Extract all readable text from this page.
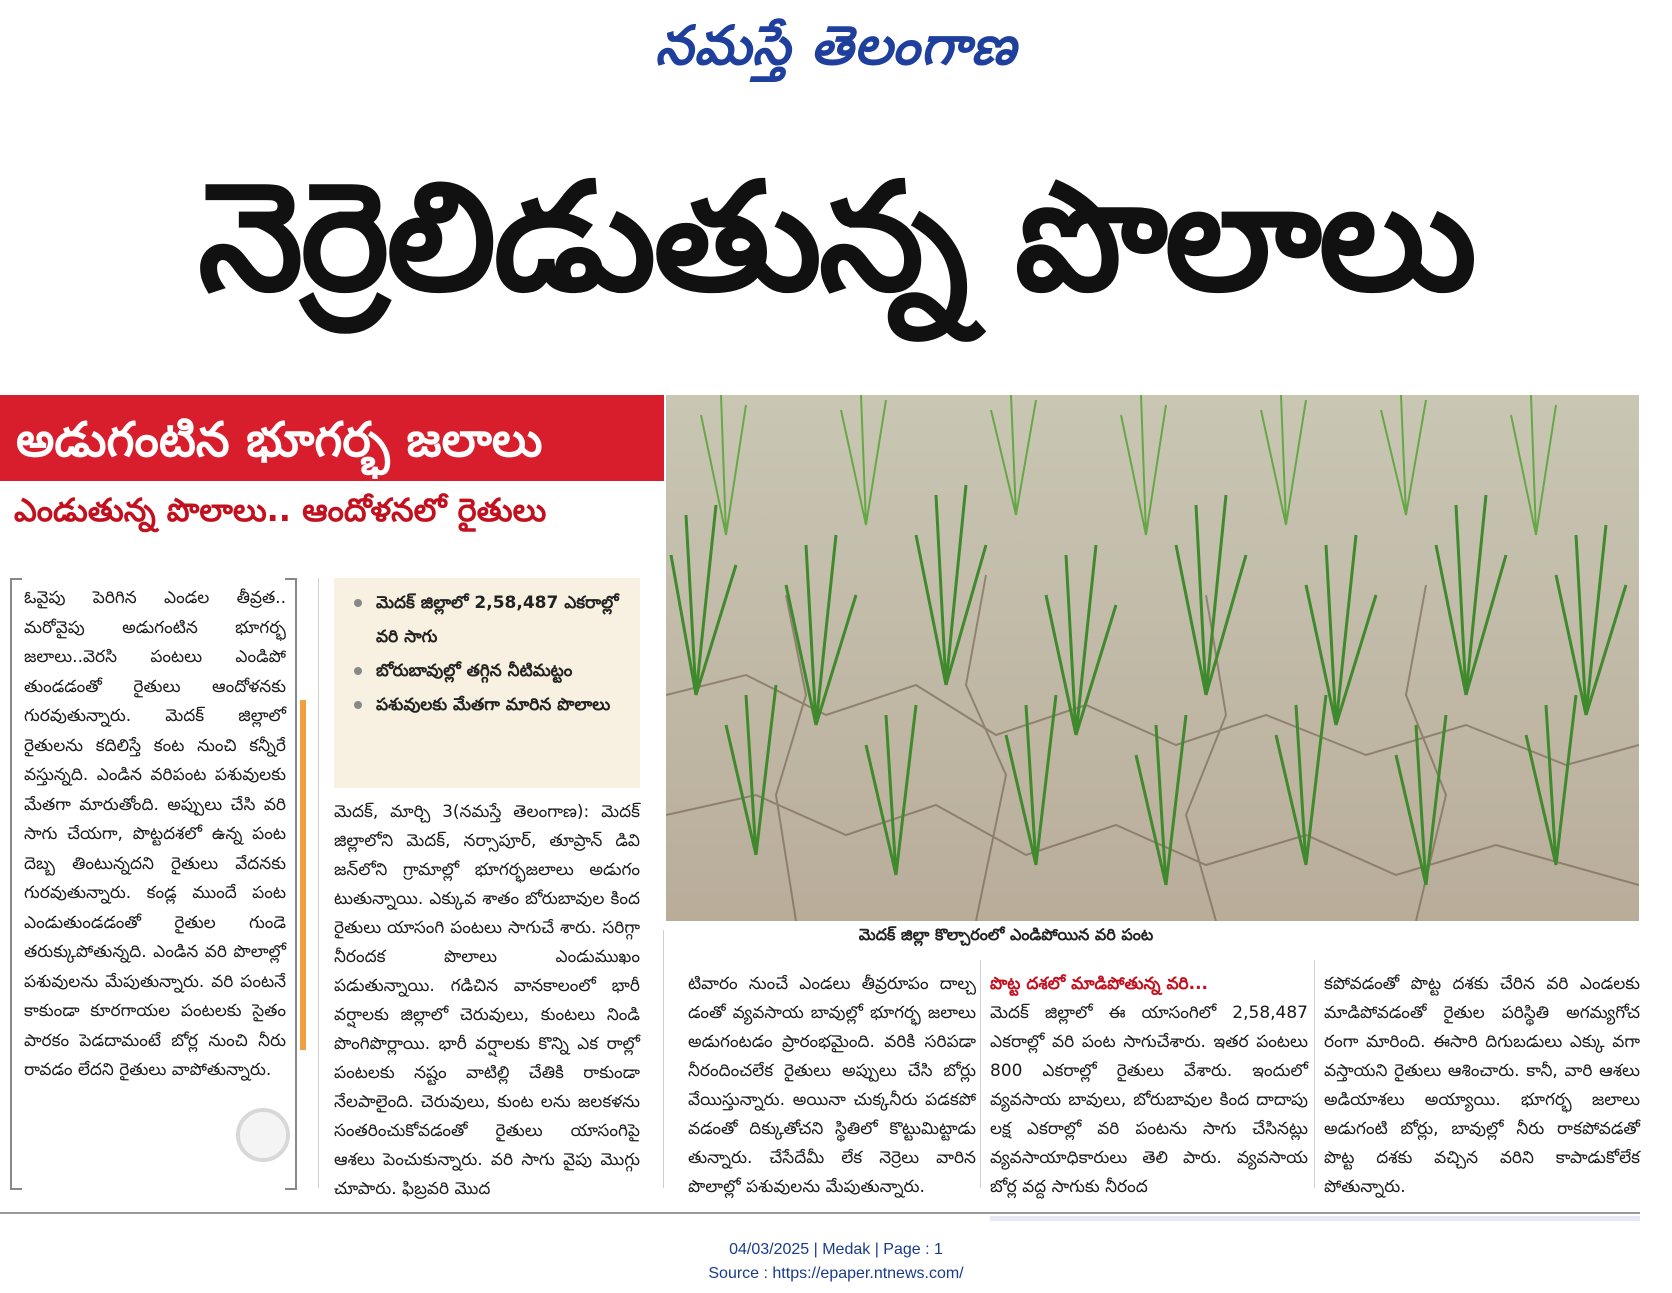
నమస్తే తెలంగాణ
నెర్రెలిడుతున్న పొలాలు
అడుగంటిన భూగర్భ జలాలు
ఎండుతున్న పొలాలు.. ఆందోళనలో రైతులు
మెదక్ జిల్లా కొల్చారంలో ఎండిపోయిన వరి పంట
ఓవైపు పెరిగిన ఎండల తీవ్రత.. మరోవైపు అడుగంటిన భూగర్భ జలాలు..వెరసి పంటలు ఎండిపో తుండడంతో రైతులు ఆందోళనకు గురవుతున్నారు. మెదక్ జిల్లాలో రైతులను కదిలిస్తే కంట నుంచి కన్నీరే వస్తున్నది. ఎండిన వరిపంట పశువులకు మేతగా మారుతోంది. అప్పులు చేసి వరి సాగు చేయగా, పొట్టదశలో ఉన్న పంట దెబ్బ తింటున్నదని రైతులు వేదనకు గురవుతున్నారు. కండ్ల ముందే పంట ఎండుతుండడంతో రైతుల గుండె తరుక్కుపోతున్నది. ఎండిన వరి పొలాల్లో పశువులను మేపుతున్నారు. వరి పంటనే కాకుండా కూరగాయల పంటలకు సైతం పారకం పెడదామంటే బోర్ల నుంచి నీరు రావడం లేదని రైతులు వాపోతున్నారు.
మెదక్ జిల్లాలో 2,58,487 ఎకరాల్లో వరి సాగు
బోరుబావుల్లో తగ్గిన నీటిమట్టం
పశువులకు మేతగా మారిన పొలాలు
మెదక్, మార్చి 3(నమస్తే తెలంగాణ): మెదక్ జిల్లాలోని మెదక్, నర్సాపూర్, తూప్రాన్ డివి జన్‌లోని గ్రామాల్లో భూగర్భజలాలు అడుగం టుతున్నాయి. ఎక్కువ శాతం బోరుబావుల కింద రైతులు యాసంగి పంటలు సాగుచే శారు. సరిగ్గా నీరందక పొలాలు ఎండుముఖం పడుతున్నాయి. గడిచిన వానకాలంలో భారీ వర్షాలకు జిల్లాలో చెరువులు, కుంటలు నిండి పొంగిపొర్లాయి. భారీ వర్షాలకు కొన్ని ఎక రాల్లో పంటలకు నష్టం వాటిల్లి చేతికి రాకుండా నేలపాలైంది. చెరువులు, కుంట లను జలకళను సంతరించుకోవడంతో రైతులు యాసంగిపై ఆశలు పెంచుకున్నారు. వరి సాగు వైపు మొగ్గు చూపారు. ఫిబ్రవరి మొద
టివారం నుంచే ఎండలు తీవ్రరూపం దాల్చ డంతో వ్యవసాయ బావుల్లో భూగర్భ జలాలు అడుగంటడం ప్రారంభమైంది. వరికి సరిపడా నీరందించలేక రైతులు అప్పులు చేసి బోర్లు వేయిస్తున్నారు. అయినా చుక్కనీరు పడకపో వడంతో దిక్కుతోచని స్థితిలో కొట్టుమిట్టాడు తున్నారు. చేసేదేమీ లేక నెర్రెలు వారిన పొలాల్లో పశువులను మేపుతున్నారు.
పొట్ట దశలో మాడిపోతున్న వరి...
మెదక్ జిల్లాలో ఈ యాసంగిలో 2,58,487 ఎకరాల్లో వరి పంట సాగుచేశారు. ఇతర పంటలు 800 ఎకరాల్లో రైతులు వేశారు. ఇందులో వ్యవసాయ బావులు, బోరుబావుల కింద దాదాపు లక్ష ఎకరాల్లో వరి పంటను సాగు చేసినట్లు వ్యవసాయాధికారులు తెలి పారు. వ్యవసాయ బోర్ల వద్ద సాగుకు నీరంద
కపోవడంతో పొట్ట దశకు చేరిన వరి ఎండలకు మాడిపోవడంతో రైతుల పరిస్థితి అగమ్యగోచ రంగా మారింది. ఈసారి దిగుబడులు ఎక్కు వగా వస్తాయని రైతులు ఆశించారు. కానీ, వారి ఆశలు అడియాశలు అయ్యాయి. భూగర్భ జలాలు అడుగంటి బోర్లు, బావుల్లో నీరు రాకపోవడతో పొట్ట దశకు వచ్చిన వరిని కాపాడుకోలేక పోతున్నారు.
04/03/2025 | Medak | Page : 1
Source : https://epaper.ntnews.com/
